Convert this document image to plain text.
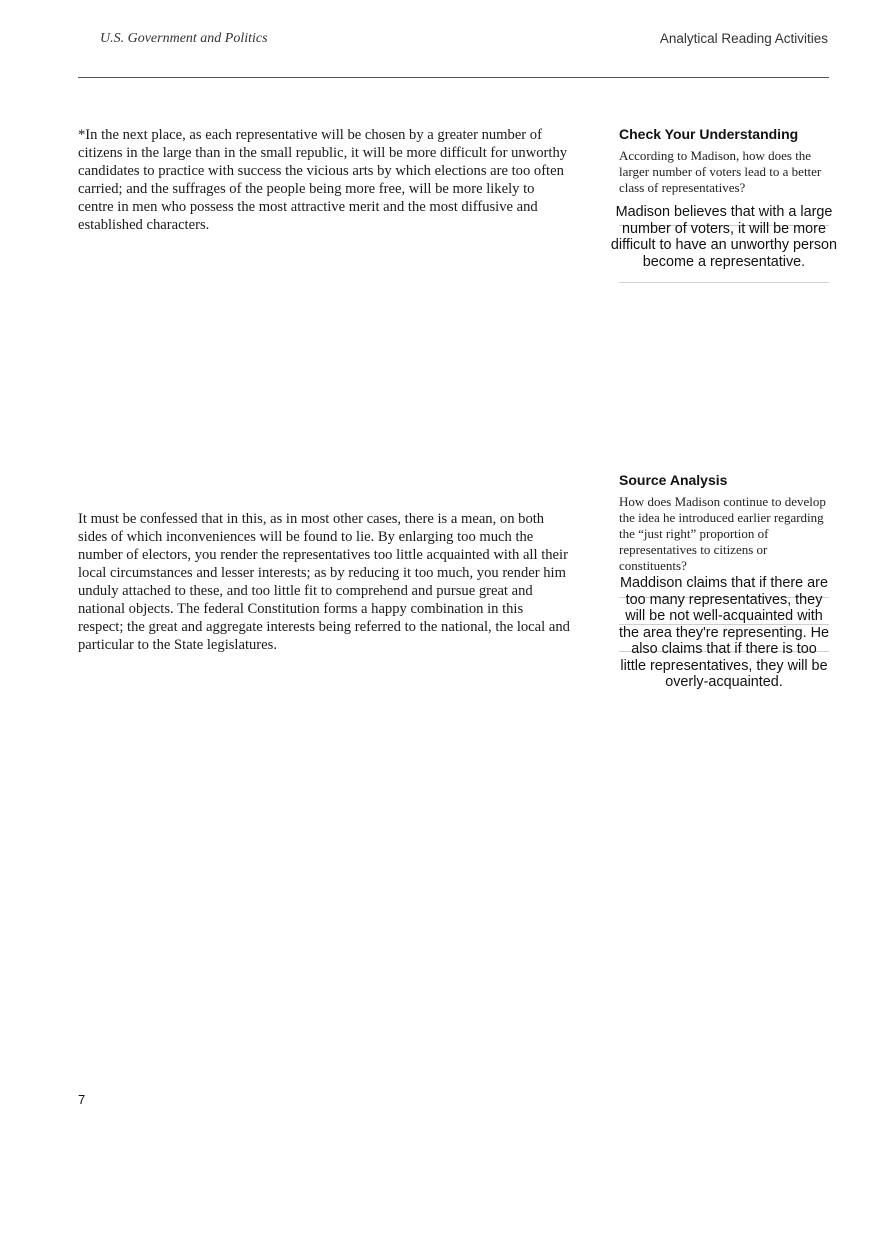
U.S. Government and Politics	Analytical Reading Activities

*In the next place, as each representative will be chosen by a greater number of citizens in the large than in the small republic, it will be more difficult for unworthy candidates to practice with success the vicious arts by which elections are too often carried; and the suffrages of the people being more free, will be more likely to centre in men who possess the most attractive merit and the most diffusive and established characters.

It must be confessed that in this, as in most other cases, there is a mean, on both sides of which inconveniences will be found to lie. By enlarging too much the number of electors, you render the representatives too little acquainted with all their local circumstances and lesser interests; as by reducing it too much, you render him unduly attached to these, and too little fit to comprehend and pursue great and national objects. The federal Constitution forms a happy combination in this respect; the great and aggregate interests being referred to the national, the local and particular to the State legislatures.

Check Your Understanding

According to Madison, how does the larger number of voters lead to a better class of representatives?

Madison believes that with a large number of voters, it will be more difficult to have an unworthy person become a representative.

Source Analysis

How does Madison continue to develop the idea he introduced earlier regarding the “just right” proportion of representatives to citizens or constituents?

Maddison claims that if there are too many representatives, they will be not well-acquainted with the area they're representing. He also claims that if there is too little representatives, they will be overly-acquainted.

7
